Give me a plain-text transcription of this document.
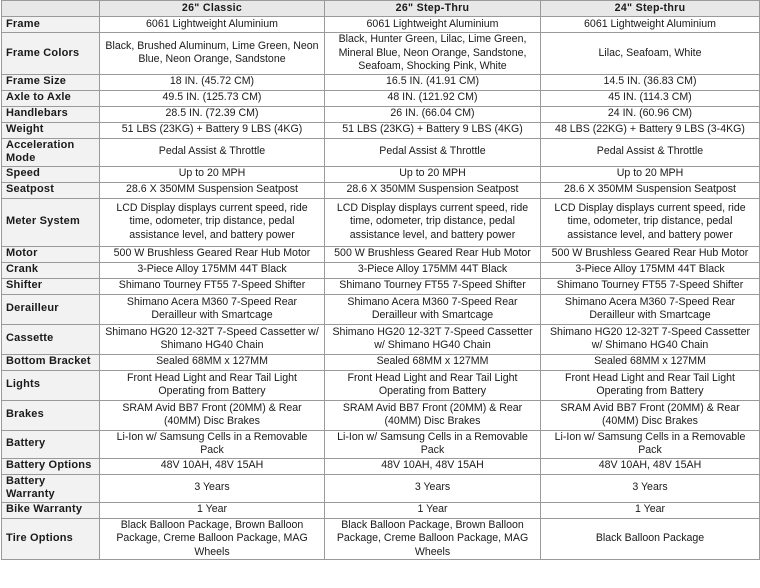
	26" Classic	26" Step-Thru	24" Step-thru
Frame	6061 Lightweight Aluminium	6061 Lightweight Aluminium	6061 Lightweight Aluminium
Frame Colors	Black, Brushed Aluminum, Lime Green, Neon Blue, Neon Orange, Sandstone	Black, Hunter Green, Lilac, Lime Green, Mineral Blue, Neon Orange, Sandstone, Seafoam, Shocking Pink, White	Lilac, Seafoam, White
Frame Size	18 IN. (45.72 CM)	16.5 IN. (41.91 CM)	14.5 IN. (36.83 CM)
Axle to Axle	49.5 IN. (125.73 CM)	48 IN. (121.92 CM)	45 IN. (114.3 CM)
Handlebars	28.5 IN. (72.39 CM)	26 IN. (66.04 CM)	24 IN. (60.96 CM)
Weight	51 LBS (23KG) + Battery 9 LBS (4KG)	51 LBS (23KG) + Battery 9 LBS (4KG)	48 LBS (22KG) + Battery 9 LBS (3-4KG)
Acceleration Mode	Pedal Assist & Throttle	Pedal Assist & Throttle	Pedal Assist & Throttle
Speed	Up to 20 MPH	Up to 20 MPH	Up to 20 MPH
Seatpost	28.6 X 350MM Suspension Seatpost	28.6 X 350MM Suspension Seatpost	28.6 X 350MM Suspension Seatpost
Meter System	LCD Display displays current speed, ride time, odometer, trip distance, pedal assistance level, and battery power	LCD Display displays current speed, ride time, odometer, trip distance, pedal assistance level, and battery power	LCD Display displays current speed, ride time, odometer, trip distance, pedal assistance level, and battery power
Motor	500 W Brushless Geared Rear Hub Motor	500 W Brushless Geared Rear Hub Motor	500 W Brushless Geared Rear Hub Motor
Crank	3-Piece Alloy 175MM 44T Black	3-Piece Alloy 175MM 44T Black	3-Piece Alloy 175MM 44T Black
Shifter	Shimano Tourney FT55 7-Speed Shifter	Shimano Tourney FT55 7-Speed Shifter	Shimano Tourney FT55 7-Speed Shifter
Derailleur	Shimano Acera M360 7-Speed Rear Derailleur with Smartcage	Shimano Acera M360 7-Speed Rear Derailleur with Smartcage	Shimano Acera M360 7-Speed Rear Derailleur with Smartcage
Cassette	Shimano HG20 12-32T 7-Speed Cassetter w/ Shimano HG40 Chain	Shimano HG20 12-32T 7-Speed Cassetter w/ Shimano HG40 Chain	Shimano HG20 12-32T 7-Speed Cassetter w/ Shimano HG40 Chain
Bottom Bracket	Sealed 68MM x 127MM	Sealed 68MM x 127MM	Sealed 68MM x 127MM
Lights	Front Head Light and Rear Tail Light Operating from Battery	Front Head Light and Rear Tail Light Operating from Battery	Front Head Light and Rear Tail Light Operating from Battery
Brakes	SRAM Avid BB7 Front (20MM) & Rear (40MM) Disc Brakes	SRAM Avid BB7 Front (20MM) & Rear (40MM) Disc Brakes	SRAM Avid BB7 Front (20MM) & Rear (40MM) Disc Brakes
Battery	Li-Ion w/ Samsung Cells in a Removable Pack	Li-Ion w/ Samsung Cells in a Removable Pack	Li-Ion w/ Samsung Cells in a Removable Pack
Battery Options	48V 10AH, 48V 15AH	48V 10AH, 48V 15AH	48V 10AH, 48V 15AH
Battery Warranty	3 Years	3 Years	3 Years
Bike Warranty	1 Year	1 Year	1 Year
Tire Options	Black Balloon Package, Brown Balloon Package, Creme Balloon Package, MAG Wheels	Black Balloon Package, Brown Balloon Package, Creme Balloon Package, MAG Wheels	Black Balloon Package
